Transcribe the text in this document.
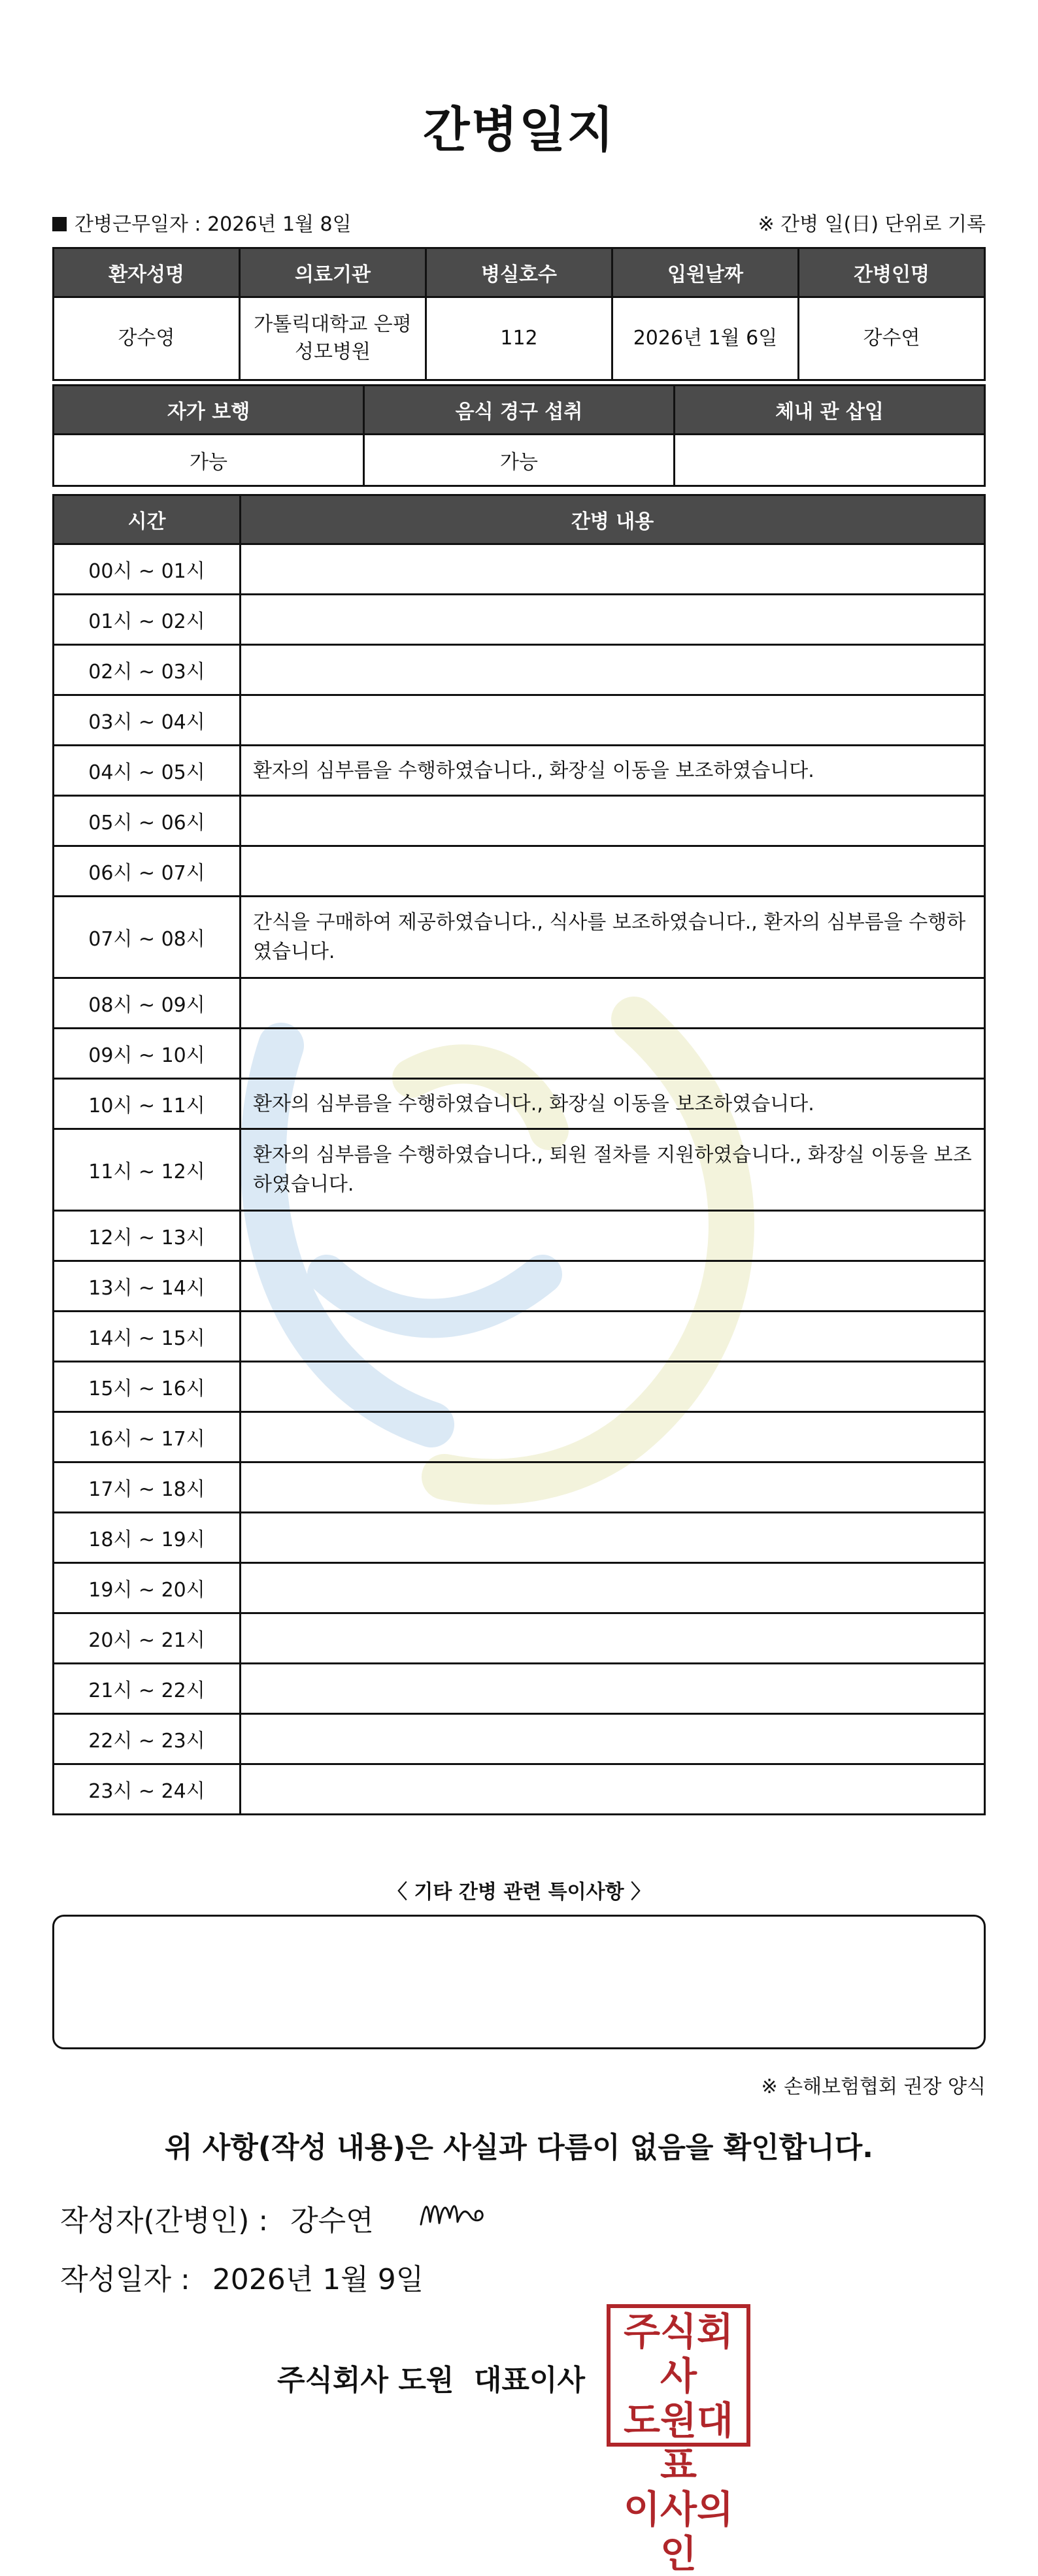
간병일지
간병근무일자 : 2026년 1월 8일	※ 간병 일(日) 단위로 기록
환자성명	의료기관	병실호수	입원날짜	간병인명
강수영	가톨릭대학교 은평 성모병원	112	2026년 1월 6일	강수연
자가 보행	음식 경구 섭취	체내 관 삽입
가능	가능	
시간	간병 내용
00시 ~ 01시	
01시 ~ 02시	
02시 ~ 03시	
03시 ~ 04시	
04시 ~ 05시	환자의 심부름을 수행하였습니다., 화장실 이동을 보조하였습니다.
05시 ~ 06시	
06시 ~ 07시	
07시 ~ 08시	간식을 구매하여 제공하였습니다., 식사를 보조하였습니다., 환자의 심부름을 수행하였습니다.
08시 ~ 09시	
09시 ~ 10시	
10시 ~ 11시	환자의 심부름을 수행하였습니다., 화장실 이동을 보조하였습니다.
11시 ~ 12시	환자의 심부름을 수행하였습니다., 퇴원 절차를 지원하였습니다., 화장실 이동을 보조하였습니다.
12시 ~ 13시	
13시 ~ 14시	
14시 ~ 15시	
15시 ~ 16시	
16시 ~ 17시	
17시 ~ 18시	
18시 ~ 19시	
19시 ~ 20시	
20시 ~ 21시	
21시 ~ 22시	
22시 ~ 23시	
23시 ~ 24시	
〈 기타 간병 관련 특이사항 〉
※ 손해보험협회 권장 양식
위 사항(작성 내용)은 사실과 다름이 없음을 확인합니다.
작성자(간병인) : 강수연
작성일자 : 2026년 1월 9일
주식회사 도원 대표이사
주식회사
도원대표
이사의인
